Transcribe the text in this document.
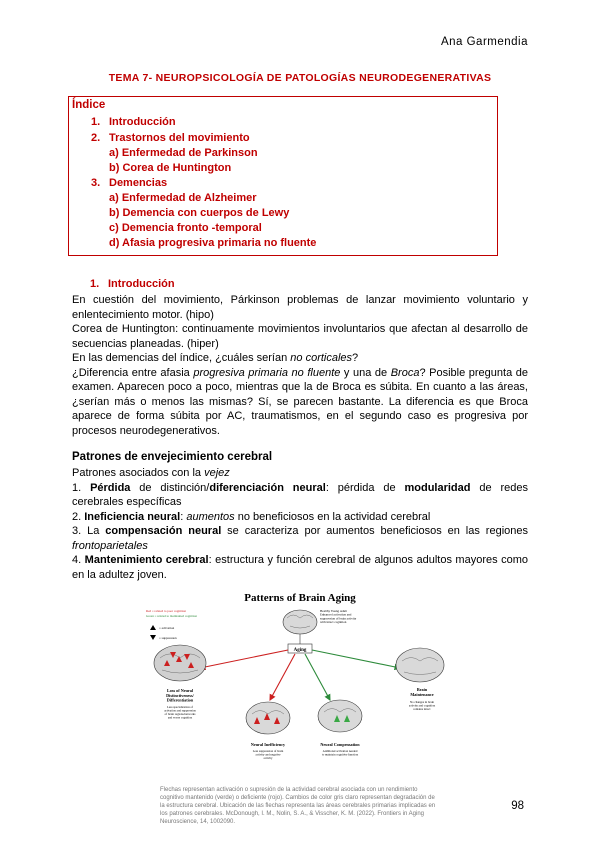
Ana Garmendia
TEMA 7- NEUROPSICOLOGÍA DE PATOLOGÍAS NEURODEGENERATIVAS
Índice
1. Introducción
2. Trastornos del movimiento
a) Enfermedad de Parkinson
b) Corea de Huntington
3. Demencias
a) Enfermedad de Alzheimer
b) Demencia con cuerpos de Lewy
c) Demencia fronto -temporal
d) Afasia progresiva primaria no fluente
1. Introducción

En cuestión del movimiento, Párkinson problemas de lanzar movimiento voluntario y enlentecimiento motor. (hipo)

Corea de Huntington: continuamente movimientos involuntarios que afectan al desarrollo de secuencias planeadas. (hiper)

En las demencias del índice, ¿cuáles serían no corticales?

¿Diferencia entre afasia progresiva primaria no fluente y una de Broca? Posible pregunta de examen. Aparecen poco a poco, mientras que la de Broca es súbita. En cuanto a las áreas, ¿serían más o menos las mismas? Sí, se parecen bastante. La diferencia es que Broca aparece de forma súbita por AC, traumatismos, en el segundo caso es progresiva por procesos neurodegenerativos.

Patrones de envejecimiento cerebral

Patrones asociados con la vejez

1. Pérdida de distinción/diferenciación neural: pérdida de modularidad de redes cerebrales específicas

2. Ineficiencia neural: aumentos no beneficiosos en la actividad cerebral

3. La compensación neural se caracteriza por aumentos beneficiosos en las regiones frontoparietales

4. Mantenimiento cerebral: estructura y función cerebral de algunos adultos mayores como en la adultez joven.

Patterns of Brain Aging
Red = related to poor cognition
Green = related to maintained cognition
= activation
= suppression
Healthy Young Adult Enhanced activation and suppression of brain activity with intact cognition
Aging
Loss of Neural Distinctiveness/ Differentiation
Less specialization of activation and suppression of brain regions/networks and worse cognition
Brain Maintenance
No changes in brain activity and cognition remains intact
Neural Inefficiency
Less suppression of brain activity and negative activity
Neural Compensation
Additional activation needed to maintain cognitive function
Flechas representan activación o supresión de la actividad cerebral asociada con un rendimiento cognitivo mantenido (verde) o deficiente (rojo). Cambios de color gris claro representan degradación de la estructura cerebral. Ubicación de las flechas representa las áreas cerebrales primarias implicadas en los patrones cerebrales. McDonough, I. M., Nolin, S. A., & Visscher, K. M. (2022). Frontiers in Aging Neuroscience, 14, 1002090.
98
